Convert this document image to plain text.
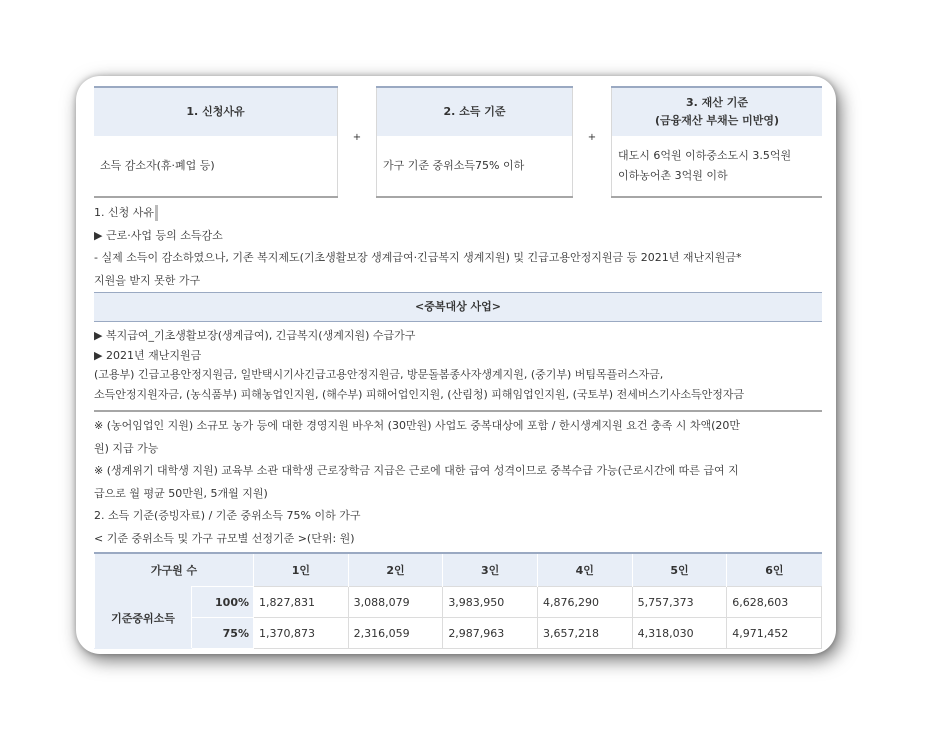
1. 신청사유	+	2. 소득 기준	+	3. 재산 기준
(금융재산 부채는 미반영)

소득 감소자(휴·폐업 등)		가구 기준 중위소득75% 이하		대도시 6억원 이하중소도시 3.5억원
이하농어촌 3억원 이하
1. 신청 사유
▶ 근로·사업 등의 소득감소
- 실제 소득이 감소하였으나, 기존 복지제도(기초생활보장 생계급여·긴급복지 생계지원) 및 긴급고용안정지원금 등 2021년 재난지원금*
지원을 받지 못한 가구
<중복대상 사업>
▶ 복지급여_기초생활보장(생계급여), 긴급복지(생계지원) 수급가구
▶ 2021년 재난지원금
(고용부) 긴급고용안정지원금, 일반택시기사긴급고용안정지원금, 방문돌봄종사자생계지원, (중기부) 버팀목플러스자금,
소득안정지원자금, (농식품부) 피해농업인지원, (해수부) 피해어업인지원, (산림청) 피해임업인지원, (국토부) 전세버스기사소득안정자금
※ (농어임업인 지원) 소규모 농가 등에 대한 경영지원 바우처 (30만원) 사업도 중복대상에 포함 / 한시생계지원 요건 충족 시 차액(20만
원) 지급 가능
※ (생계위기 대학생 지원) 교육부 소관 대학생 근로장학금 지급은 근로에 대한 급여 성격이므로 중복수급 가능(근로시간에 따른 급여 지
급으로 월 평균 50만원, 5개월 지원)
2. 소득 기준(증빙자료) / 기준 중위소득 75% 이하 가구
< 기준 중위소득 및 가구 규모별 선정기준 >(단위: 원)
가구원 수		1인	2인	3인	4인	5인	6인
기준중위소득	100%	1,827,831	3,088,079	3,983,950	4,876,290	5,757,373	6,628,603
	75%	1,370,873	2,316,059	2,987,963	3,657,218	4,318,030	4,971,452
